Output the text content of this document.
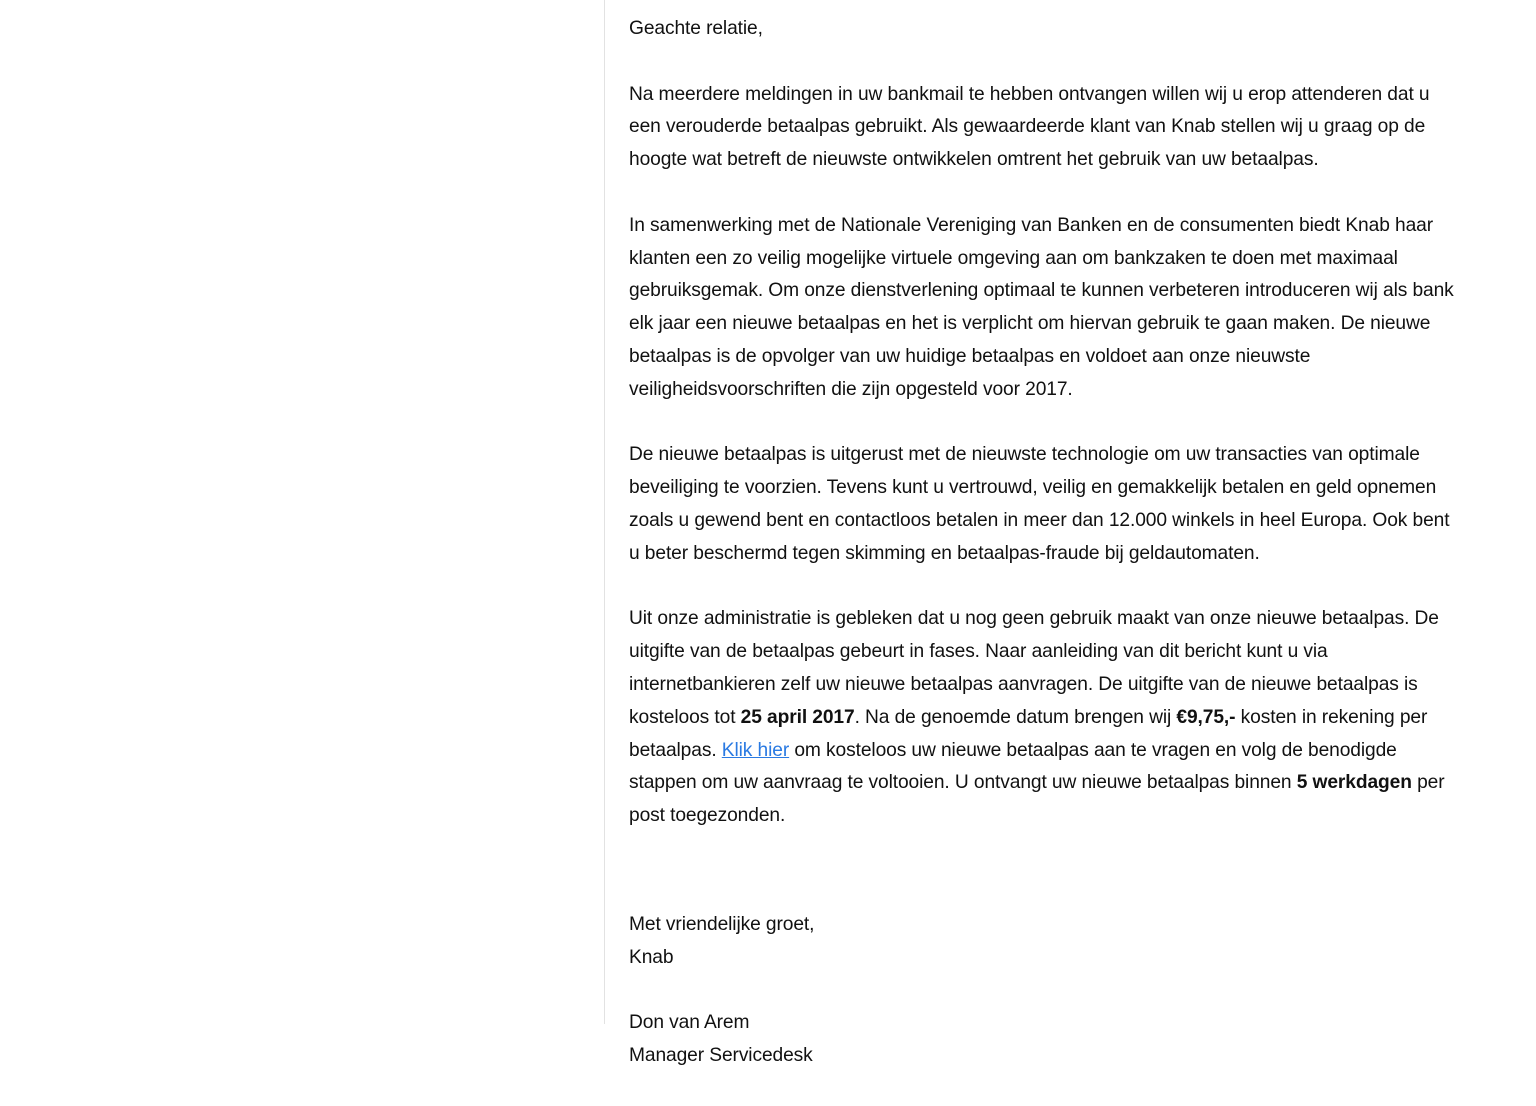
Geachte relatie,

Na meerdere meldingen in uw bankmail te hebben ontvangen willen wij u erop attenderen dat u
een verouderde betaalpas gebruikt. Als gewaardeerde klant van Knab stellen wij u graag op de
hoogte wat betreft de nieuwste ontwikkelen omtrent het gebruik van uw betaalpas.

In samenwerking met de Nationale Vereniging van Banken en de consumenten biedt Knab haar
klanten een zo veilig mogelijke virtuele omgeving aan om bankzaken te doen met maximaal
gebruiksgemak. Om onze dienstverlening optimaal te kunnen verbeteren introduceren wij als bank
elk jaar een nieuwe betaalpas en het is verplicht om hiervan gebruik te gaan maken. De nieuwe
betaalpas is de opvolger van uw huidige betaalpas en voldoet aan onze nieuwste
veiligheidsvoorschriften die zijn opgesteld voor 2017.

De nieuwe betaalpas is uitgerust met de nieuwste technologie om uw transacties van optimale
beveiliging te voorzien. Tevens kunt u vertrouwd, veilig en gemakkelijk betalen en geld opnemen
zoals u gewend bent en contactloos betalen in meer dan 12.000 winkels in heel Europa. Ook bent
u beter beschermd tegen skimming en betaalpas-fraude bij geldautomaten.

Uit onze administratie is gebleken dat u nog geen gebruik maakt van onze nieuwe betaalpas. De
uitgifte van de betaalpas gebeurt in fases. Naar aanleiding van dit bericht kunt u via
internetbankieren zelf uw nieuwe betaalpas aanvragen. De uitgifte van de nieuwe betaalpas is
kosteloos tot 25 april 2017. Na de genoemde datum brengen wij €9,75,- kosten in rekening per
betaalpas. Klik hier om kosteloos uw nieuwe betaalpas aan te vragen en volg de benodigde
stappen om uw aanvraag te voltooien. U ontvangt uw nieuwe betaalpas binnen 5 werkdagen per
post toegezonden.

Met vriendelijke groet,
Knab

Don van Arem
Manager Servicedesk
